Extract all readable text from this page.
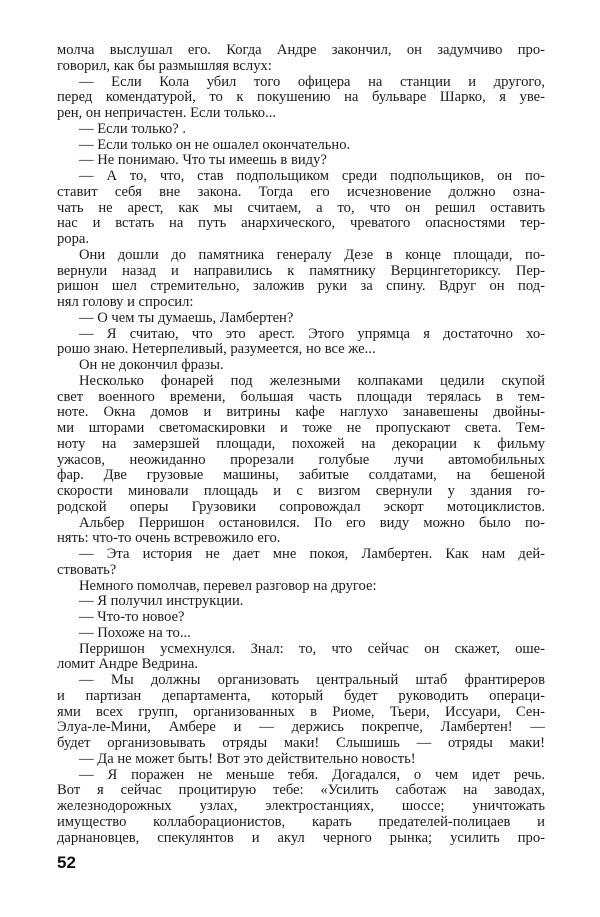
молча выслушал его. Когда Андре закончил, он задумчиво про-
говорил, как бы размышляя вслух:
— Если Кола убил того офицера на станции и другого,
перед комендатурой, то к покушению на бульваре Шарко, я уве-
рен, он непричастен. Если только...
— Если только? .
— Если только он не ошалел окончательно.
— Не понимаю. Что ты имеешь в виду?
— А то, что, став подпольщиком среди подпольщиков, он по-
ставит себя вне закона. Тогда его исчезновение должно озна-
чать не арест, как мы считаем, а то, что он решил оставить
нас и встать на путь анархического, чреватого опасностями тер-
рора.
Они дошли до памятника генералу Дезе в конце площади, по-
вернули назад и направились к памятнику Верцингеториксу. Пер-
ришон шел стремительно, заложив руки за спину. Вдруг он под-
нял голову и спросил:
— О чем ты думаешь, Ламбертен?
— Я считаю, что это арест. Этого упрямца я достаточно хо-
рошо знаю. Нетерпеливый, разумеется, но все же...
Он не докончил фразы.
Несколько фонарей под железными колпаками цедили скупой
свет военного времени, большая часть площади терялась в тем-
ноте. Окна домов и витрины кафе наглухо занавешены двойны-
ми шторами светомаскировки и тоже не пропускают света. Тем-
ноту на замерзшей площади, похожей на декорации к фильму
ужасов, неожиданно прорезали голубые лучи автомобильных
фар. Две грузовые машины, забитые солдатами, на бешеной
скорости миновали площадь и с визгом свернули у здания го-
родской оперы Грузовики сопровождал эскорт мотоциклистов.
Альбер Перришон остановился. По его виду можно было по-
нять: что-то очень встревожило его.
— Эта история не дает мне покоя, Ламбертен. Как нам дей-
ствовать?
Немного помолчав, перевел разговор на другое:
— Я получил инструкции.
— Что-то новое?
— Похоже на то...
Перришон усмехнулся. Знал: то, что сейчас он скажет, оше-
ломит Андре Ведрина.
— Мы должны организовать центральный штаб франтиреров
и партизан департамента, который будет руководить операци-
ями всех групп, организованных в Риоме, Тьери, Иссуари, Сен-
Элуа-ле-Мини, Амбере и — держись покрепче, Ламбертен! —
будет организовывать отряды маки! Слышишь — отряды маки!
— Да не может быть! Вот это действительно новость!
— Я поражен не меньше тебя. Догадался, о чем идет речь.
Вот я сейчас процитирую тебе: «Усилить саботаж на заводах,
железнодорожных узлах, электростанциях, шоссе; уничтожать
имущество коллаборационистов, карать предателей-полицаев и
дарнановцев, спекулянтов и акул черного рынка; усилить про-
52
